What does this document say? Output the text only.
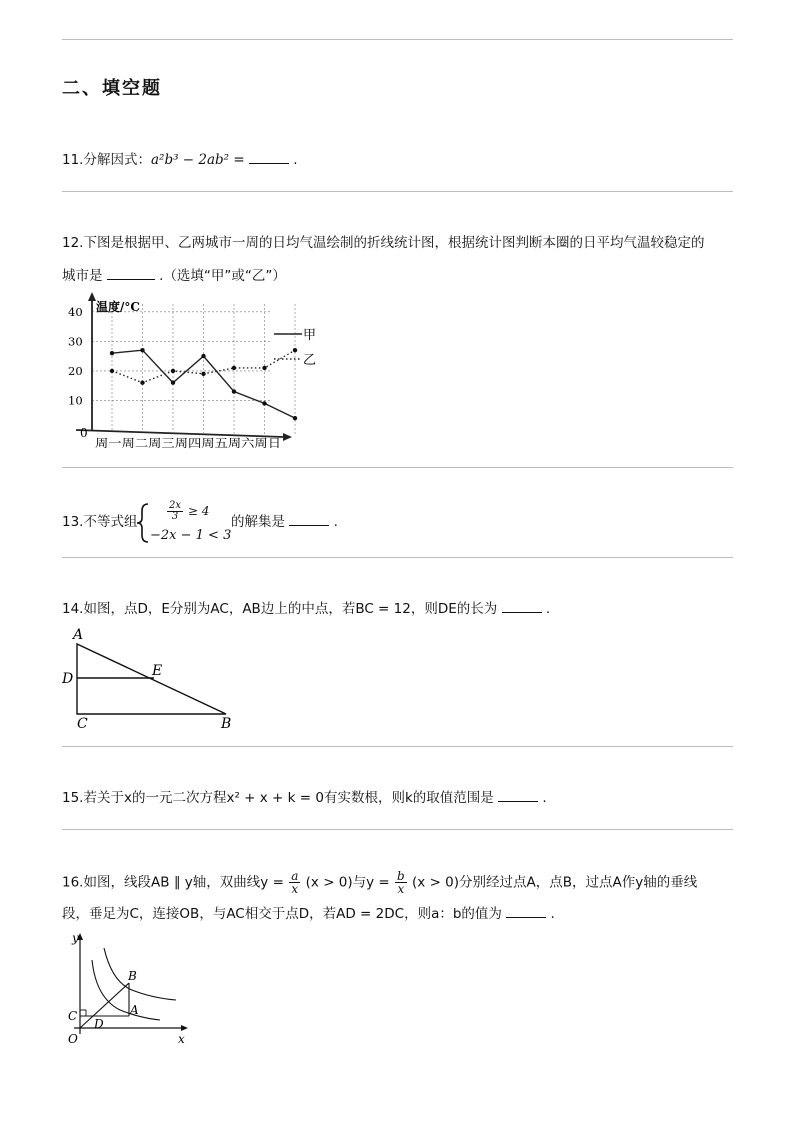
二、填空题
11.分解因式：a²b³ − 2ab² =	.
12.下图是根据甲、乙两城市一周的日均气温绘制的折线统计图，根据统计图判断本圈的日平均气温较稳定的
城市是	.（选填“甲”或“乙”）
10
20
30
40 温度/°C
0
周一周二周三周四周五周六周日
甲
乙
13.不等式组	$\frac{2x}{3} \ge 4$
−2x − 1 < 3
的解集是	.
14.如图，点D，E分别为AC，AB边上的中点，若BC = 12，则DE的长为	.
A
D	E
C	B
15.若关于x的一元二次方程x² + x + k = 0有实数根，则k的取值范围是	.
16.如图，线段AB ∥ y轴，双曲线$y = \frac{a}{x} (x > 0)$与$y = \frac{b}{x} (x > 0)$分别经过点A，点B，过点A作y轴的垂线
段，垂足为C，连接OB，与AC相交于点D，若AD = 2DC，则a：b的值为	.
y
x
O
C
D
A
B
